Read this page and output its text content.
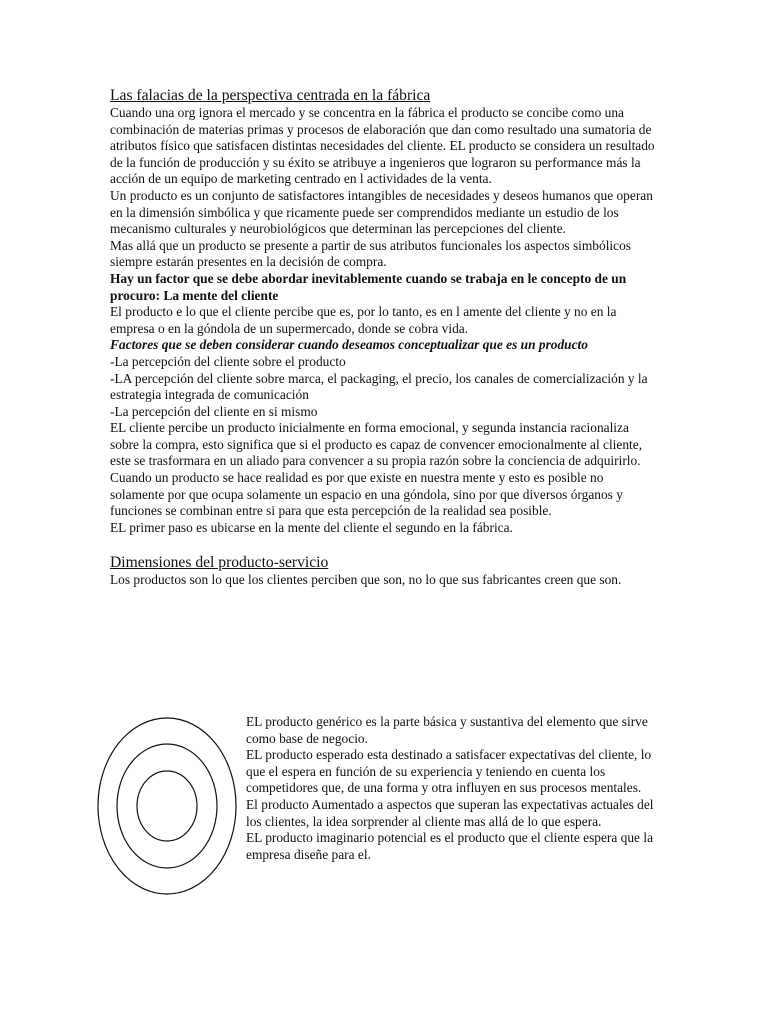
Las falacias de la perspectiva centrada en la fábrica

Cuando una org ignora el mercado y se concentra en la fábrica el producto se concibe como una combinación de materias primas y procesos de elaboración que dan como resultado una sumatoria de atributos físico que satisfacen distintas necesidades del cliente. EL producto se considera un resultado de la función de producción y su éxito se atribuye a ingenieros que lograron su performance más la acción de un equipo de marketing centrado en l actividades de la venta.

Un producto es un conjunto de satisfactores intangibles de necesidades y deseos humanos que operan en la dimensión simbólica y que ricamente puede ser comprendidos mediante un estudio de los mecanismo culturales y neurobiológicos que determinan las percepciones del cliente.

Mas allá que un producto se presente a partir de sus atributos funcionales los aspectos simbólicos siempre estarán presentes en la decisión de compra.

Hay un factor que se debe abordar inevitablemente cuando se trabaja en le concepto de un procuro: La mente del cliente

El producto e lo que el cliente percibe que es, por lo tanto, es en l amente del cliente y no en la empresa o en la góndola de un supermercado, donde se cobra vida.

Factores que se deben considerar cuando deseamos conceptualizar que es un producto

-La percepción del cliente sobre el producto

-LA percepción del cliente sobre marca, el packaging, el precio, los canales de comercialización y la estrategia integrada de comunicación

-La percepción del cliente en si mismo

EL cliente percibe un producto inicialmente en forma emocional, y segunda instancia racionaliza sobre la compra, esto significa que si el producto es capaz de convencer emocionalmente al cliente, este se trasformara en un aliado para convencer a su propia razón sobre la conciencia de adquirirlo.

Cuando un producto se hace realidad es por que existe en nuestra mente y esto es posible no solamente por que ocupa solamente un espacio en una góndola, sino por que diversos órganos y funciones se combinan entre si para que esta percepción de la realidad sea posible.

EL primer paso es ubicarse en la mente del cliente el segundo en la fábrica.

Dimensiones del producto-servicio

Los productos son lo que los clientes perciben que son, no lo que sus fabricantes creen que son.

EL producto genérico es la parte básica y sustantiva del elemento que sirve como base de negocio.

EL producto esperado esta destinado a satisfacer expectativas del cliente, lo que el espera en función de su experiencia y teniendo en cuenta los competidores que, de una forma y otra influyen en sus procesos mentales.

El producto Aumentado a aspectos que superan las expectativas actuales del los clientes, la idea sorprender al cliente mas allá de lo que espera.

EL producto imaginario potencial es el producto que el cliente espera que la empresa diseñe para el.
